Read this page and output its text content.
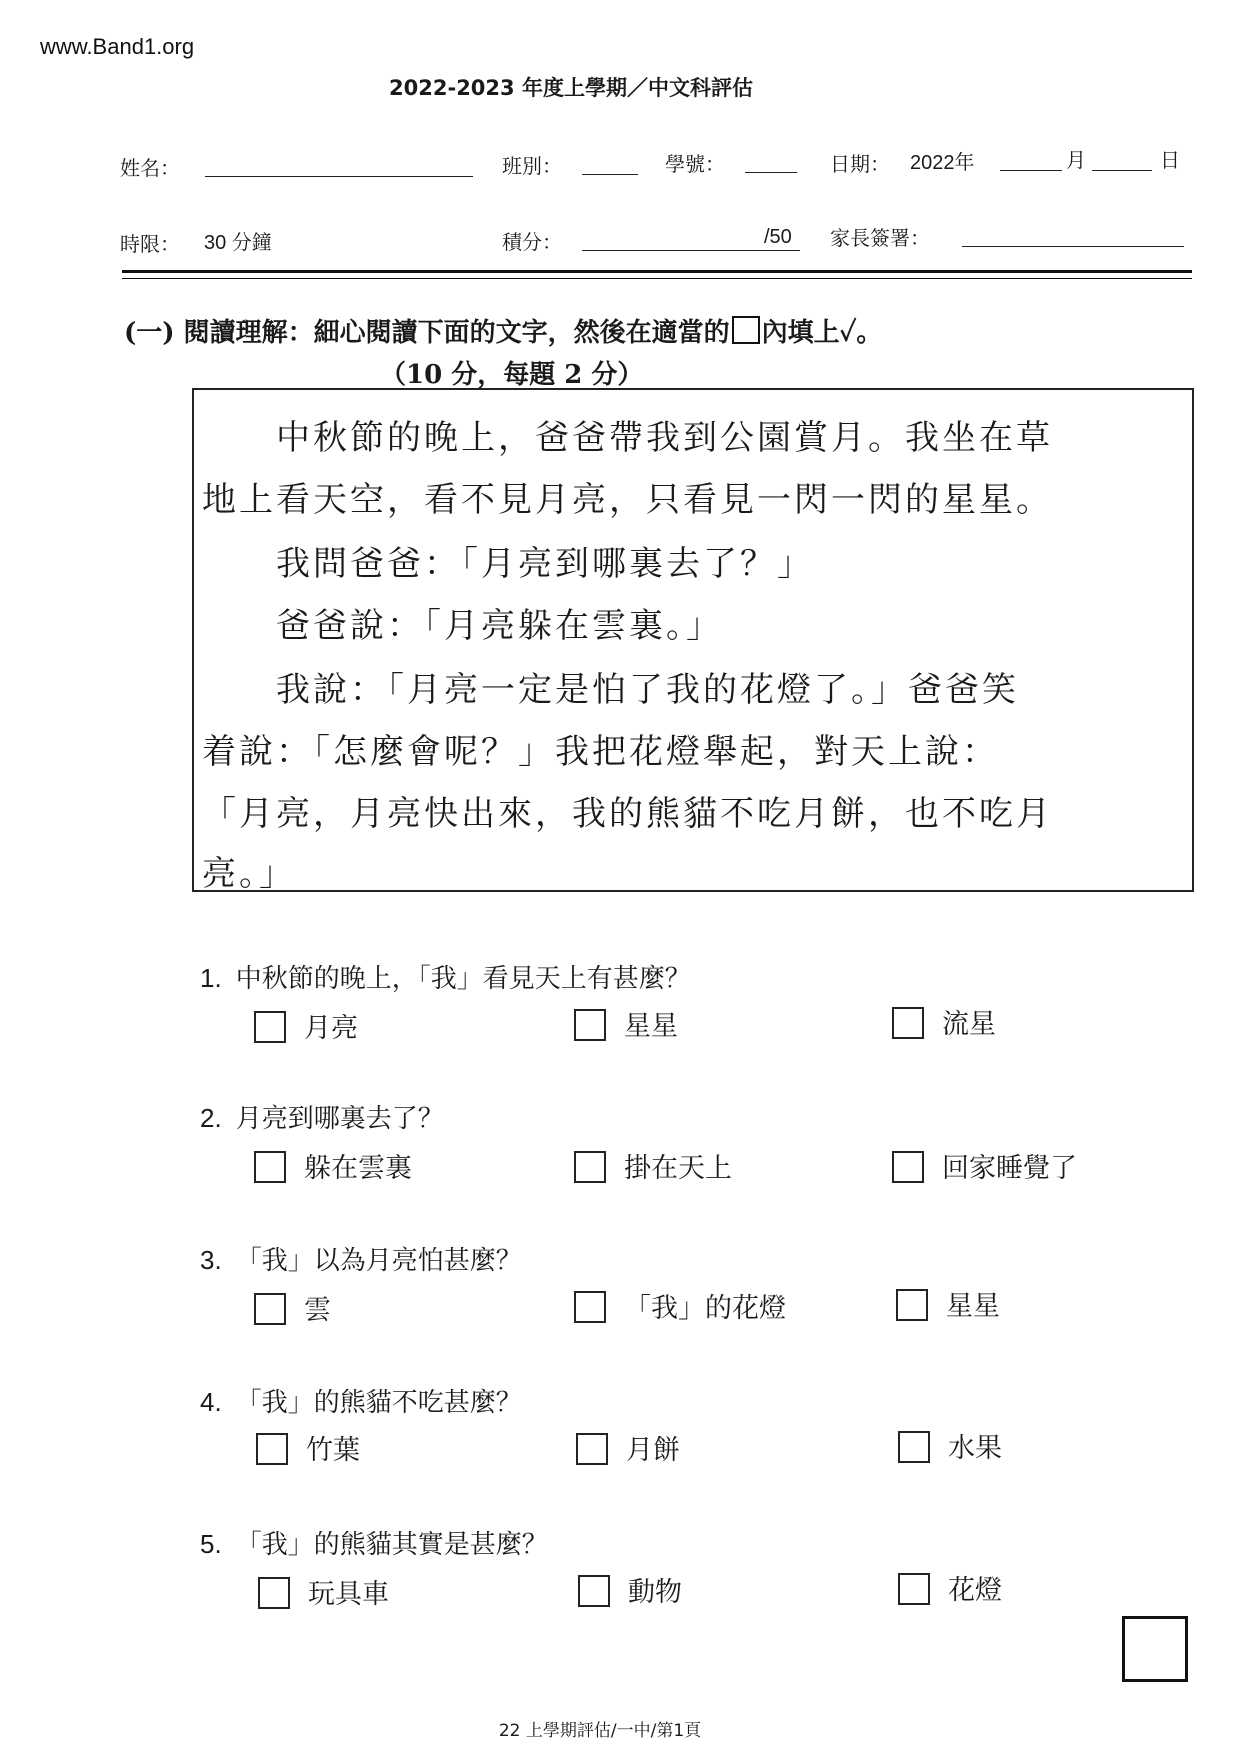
www.Band1.org
2022-2023 年度上學期／中文科評估
姓名：	班別：	學號：	日期： 2022年	月	日
時限： 30 分鐘	積分：	/50 家長簽署：
(一) 閱讀理解：細心閱讀下面的文字，然後在適當的 內填上✓。
（10 分，每題 2 分）
　　中秋節的晚上，爸爸帶我到公園賞月。我坐在草
地上看天空，看不見月亮，只看見一閃一閃的星星。
　　我問爸爸：「月亮到哪裏去了？」
　　爸爸說：「月亮躲在雲裏。」
　　我說：「月亮一定是怕了我的花燈了。」爸爸笑
着說：「怎麼會呢？」我把花燈舉起，對天上說：
「月亮，月亮快出來，我的熊貓不吃月餅，也不吃月
亮。」
1. 中秋節的晚上，「我」看見天上有甚麼？
月亮	星星	流星
2. 月亮到哪裏去了？
躲在雲裏	掛在天上	回家睡覺了
3. 「我」以為月亮怕甚麼？
雲	「我」的花燈	星星
4. 「我」的熊貓不吃甚麼？
竹葉	月餅	水果
5. 「我」的熊貓其實是甚麼？
玩具車	動物	花燈
22 上學期評估/一中/第1頁
